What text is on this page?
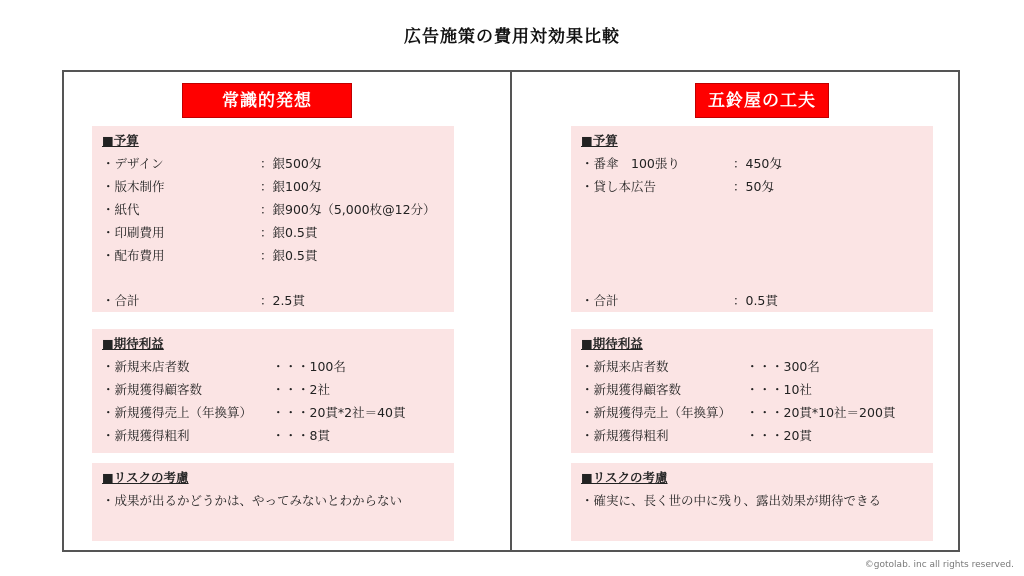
広告施策の費用対効果比較
常識的発想
■予算
・デザイン	：銀500匁
・版木制作	：銀100匁
・紙代	：銀900匁（5,000枚@12分）
・印刷費用	：銀0.5貫
・配布費用	：銀0.5貫
・合計	：2.5貫
■期待利益
・新規来店者数	・・・100名
・新規獲得顧客数	・・・2社
・新規獲得売上（年換算） ・・・20貫*2社＝40貫
・新規獲得粗利	・・・8貫
■リスクの考慮
・成果が出るかどうかは、やってみないとわからない
五鈴屋の工夫
■予算
・番傘　100張り	：450匁
・貸し本広告	：50匁
・合計	：0.5貫
■期待利益
・新規来店者数	・・・300名
・新規獲得顧客数	・・・10社
・新規獲得売上（年換算） ・・・20貫*10社＝200貫
・新規獲得粗利	・・・20貫
■リスクの考慮
・確実に、長く世の中に残り、露出効果が期待できる
©gotolab. inc all rights reserved.
